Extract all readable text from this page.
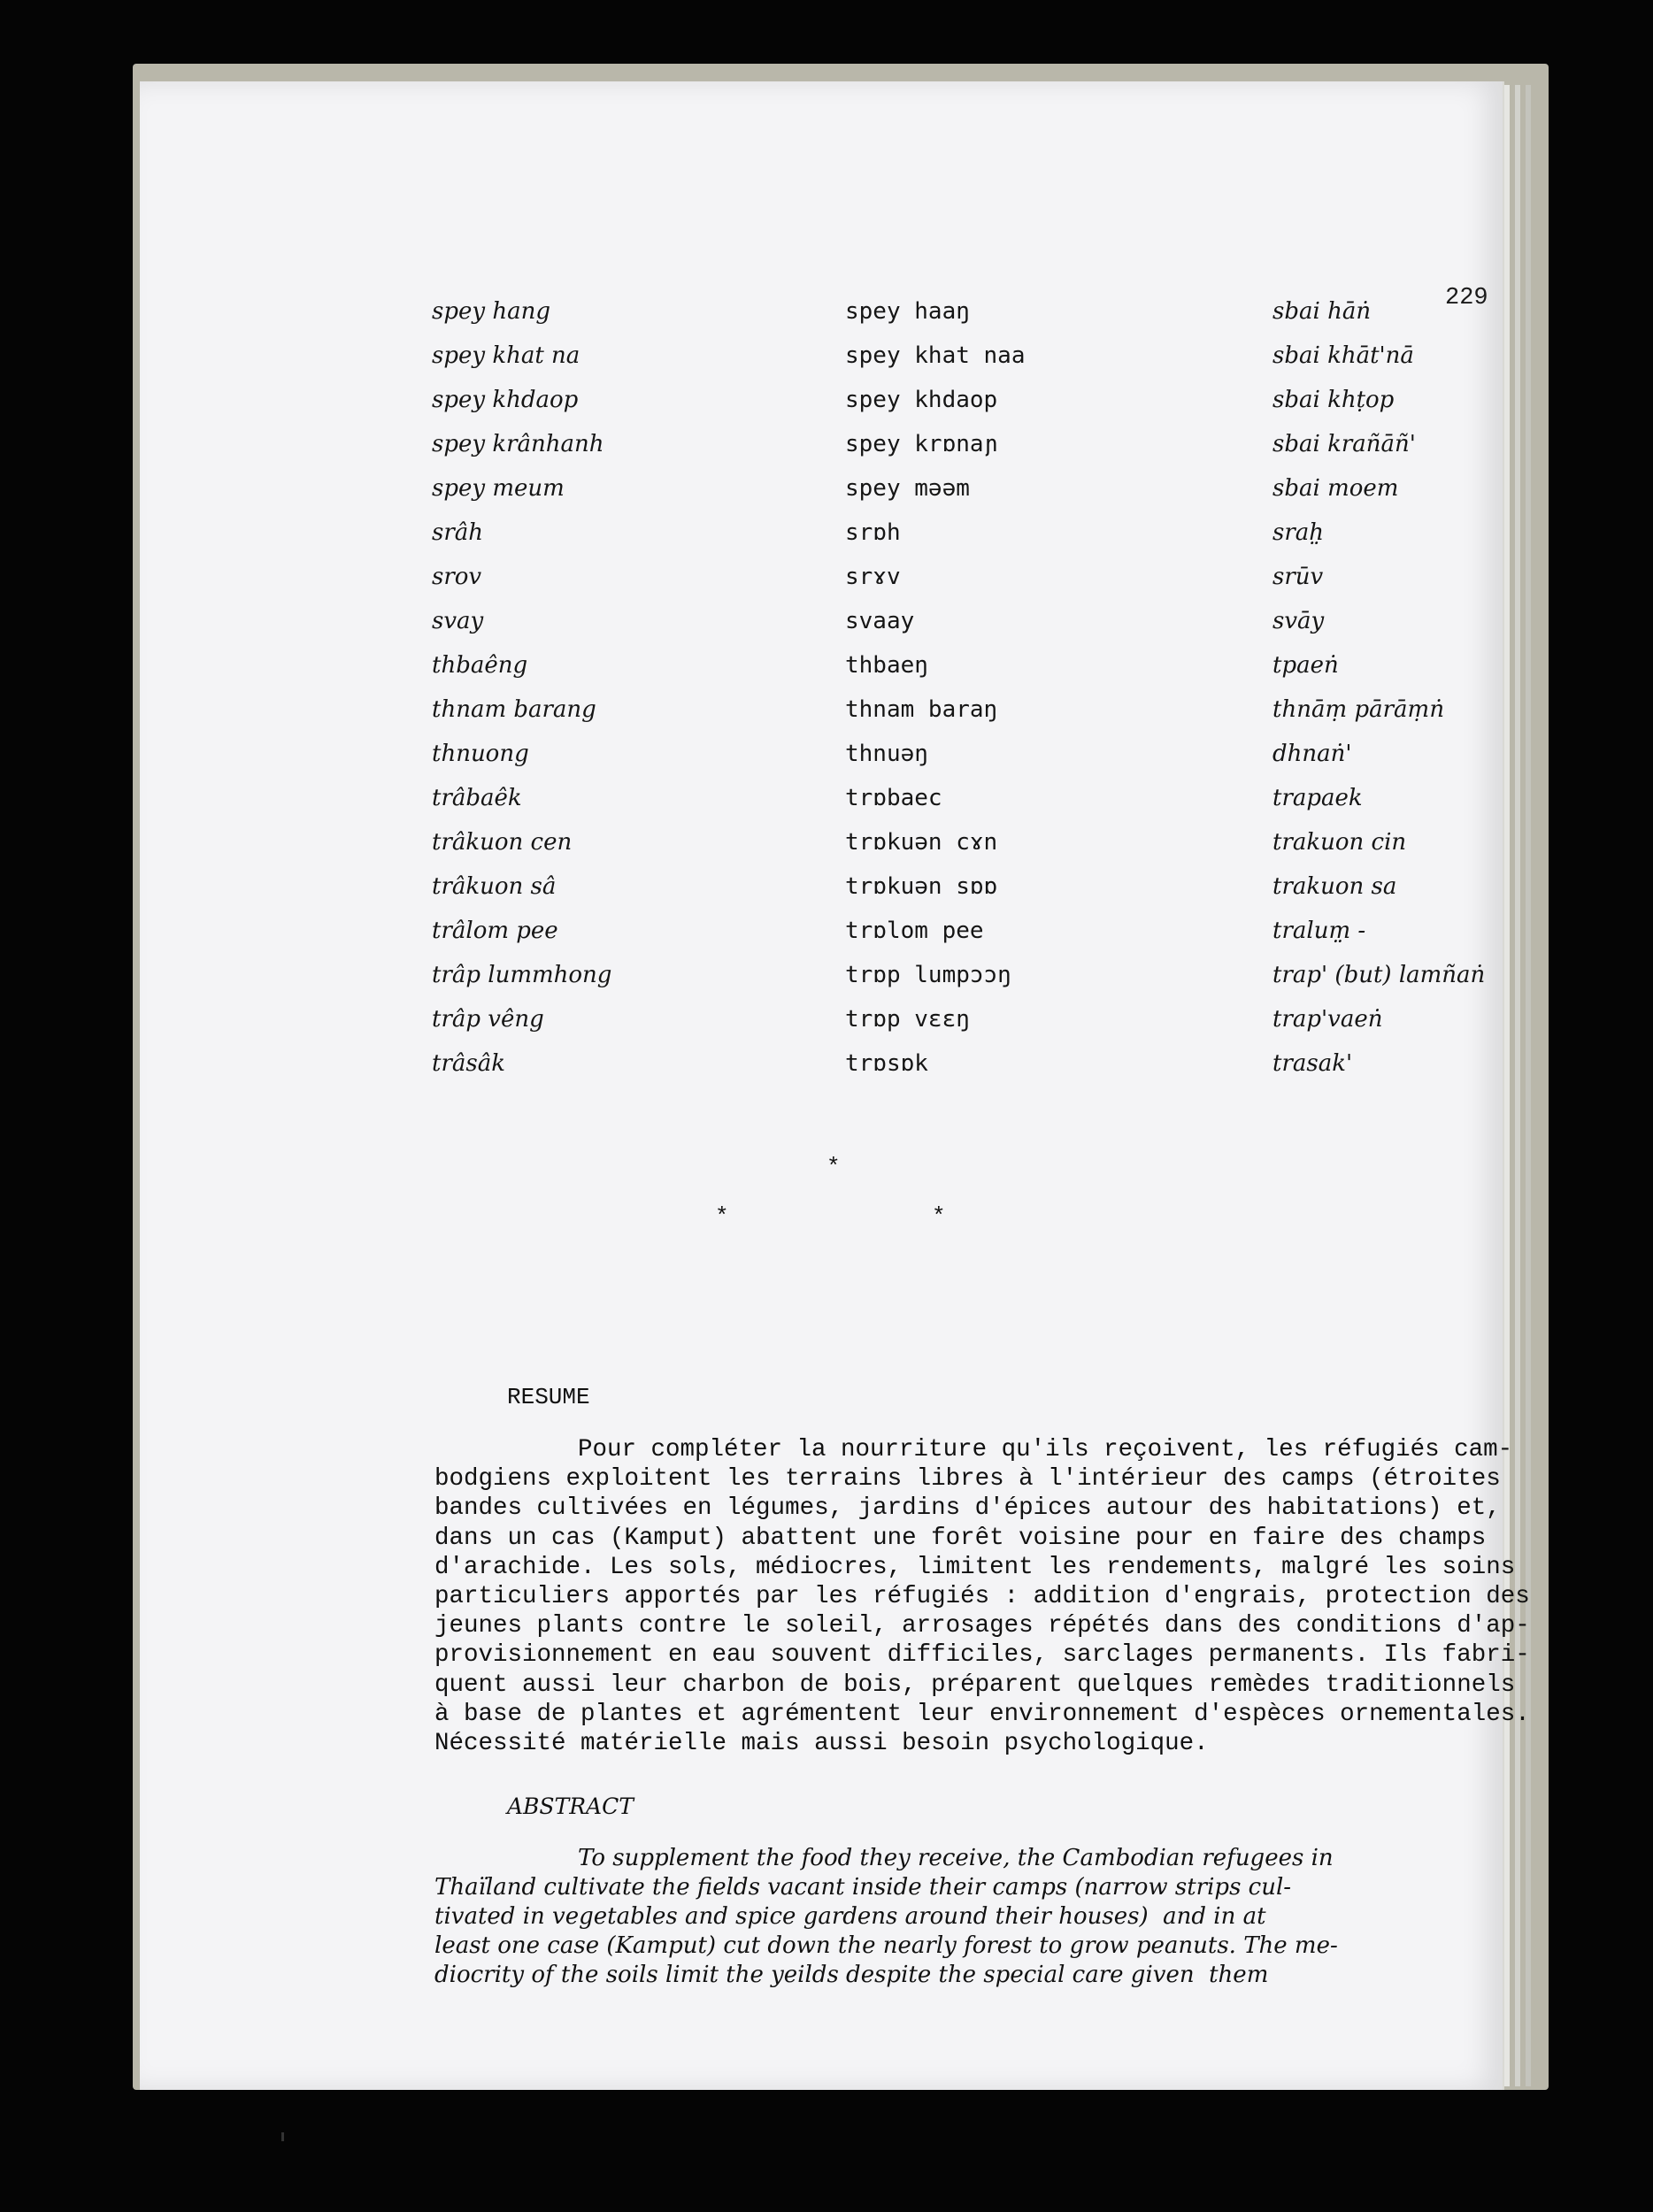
229
spey hang	spey haaŋ	sbai hāṅ
spey khat na	spey khat naa	sbai khāt'nā
spey khdaop	spey khdaop	sbai khṭop
spey krânhanh	spey krɒnaɲ	sbai krañāñ'
spey meum	spey məəm	sbai moem
srâh	srɒh	srah̤
srov	srɤv	srūv
svay	svaay	svāy
thbaêng	thbaeŋ	tpaeṅ
thnam barang	thnam baraŋ	thnāṃ pārāṃṅ
thnuong	thnuəŋ	dhnaṅ'
trâbaêk	trɒbaec	trapaek
trâkuon cen	trɒkuən cɤn	trakuon cin
trâkuon sâ	trɒkuən sɒɒ	trakuon sa
trâlom pee	trɒlom pee	tralum̤ -
trâp lummhong	trɒp lumpɔɔŋ	trap' (but) lamñaṅ
trâp vêng	trɒp vɛɛŋ	trap'vaeṅ
trâsâk	trɒsɒk	trasak'
*
*	*
RESUME

Pour compléter la nourriture qu'ils reçoivent, les réfugiés cam-
bodgiens exploitent les terrains libres à l'intérieur des camps (étroites
bandes cultivées en légumes, jardins d'épices autour des habitations) et,
dans un cas (Kamput) abattent une forêt voisine pour en faire des champs
d'arachide. Les sols, médiocres, limitent les rendements, malgré les soins
particuliers apportés par les réfugiés : addition d'engrais, protection des
jeunes plants contre le soleil, arrosages répétés dans des conditions d'ap-
provisionnement en eau souvent difficiles, sarclages permanents. Ils fabri-
quent aussi leur charbon de bois, préparent quelques remèdes traditionnels
à base de plantes et agrémentent leur environnement d'espèces ornementales.
Nécessité matérielle mais aussi besoin psychologique.

ABSTRACT

To supplement the food they receive, the Cambodian refugees in
Thaïland cultivate the fields vacant inside their camps (narrow strips cul-
tivated in vegetables and spice gardens around their houses)  and in at
least one case (Kamput) cut down the nearly forest to grow peanuts. The me-
diocrity of the soils limit the yeilds despite the special care given  them
